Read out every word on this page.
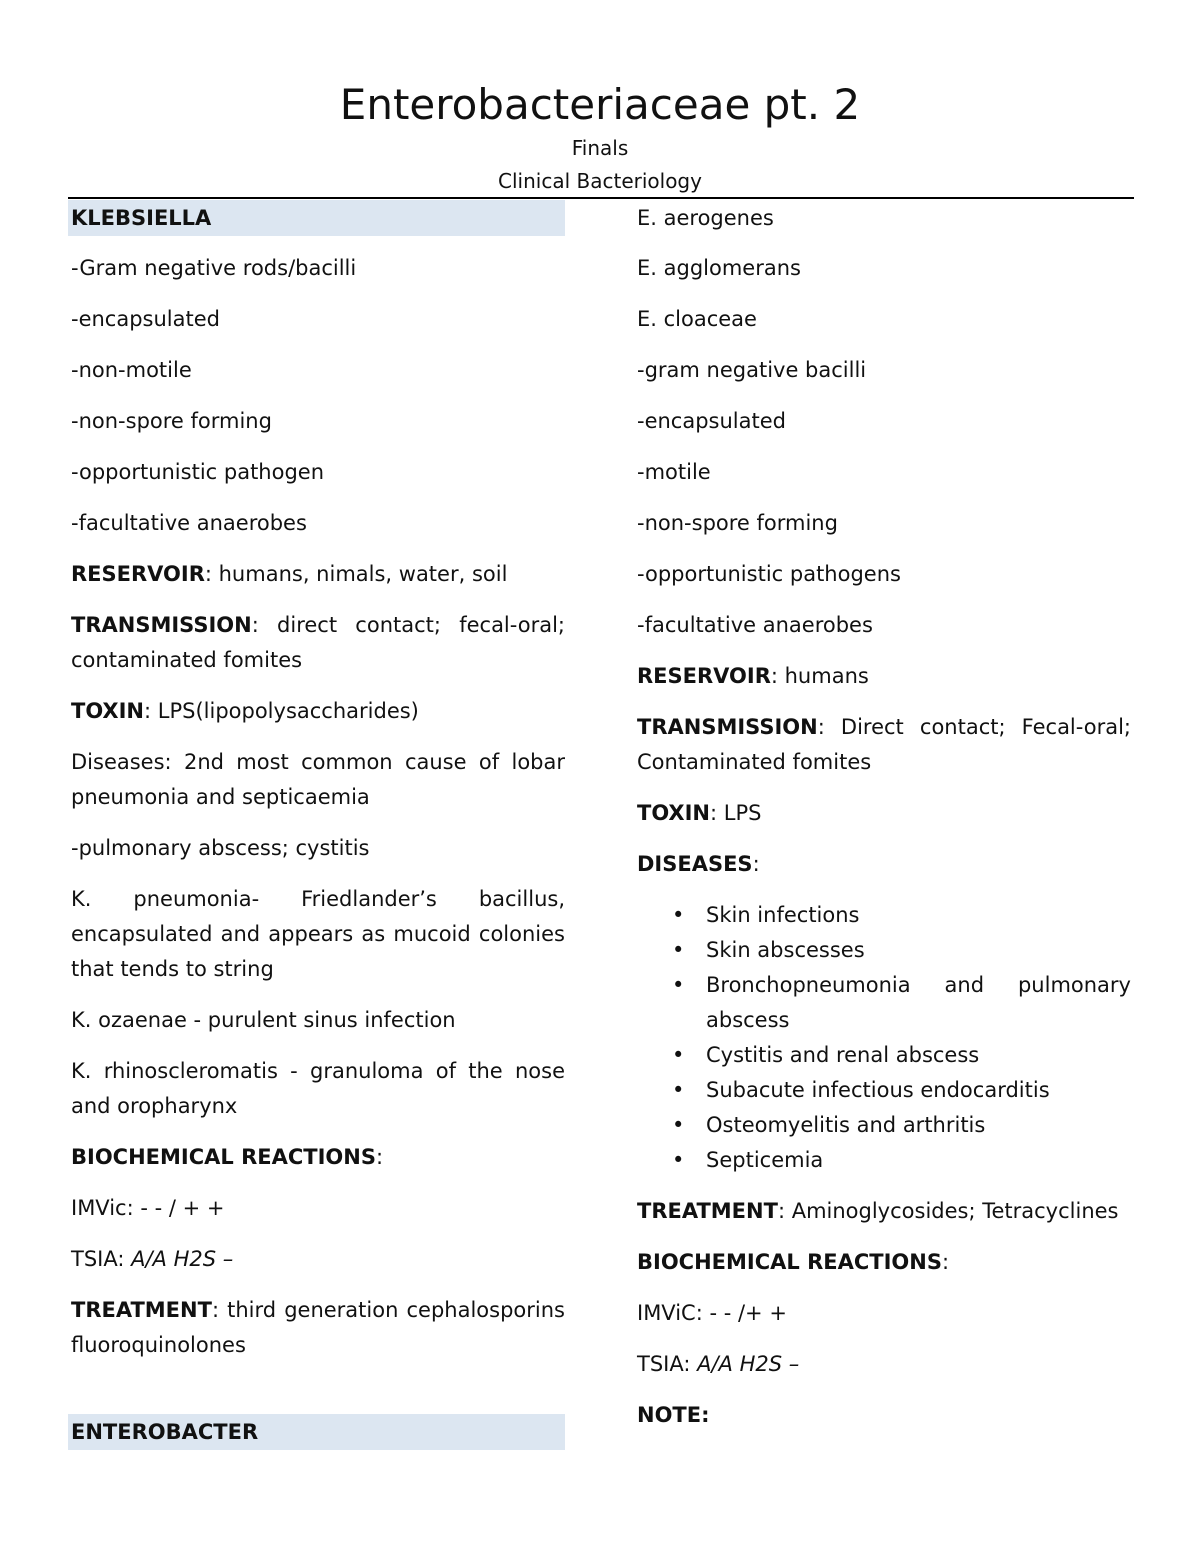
Enterobacteriaceae pt. 2
Finals
Clinical Bacteriology
KLEBSIELLA

-Gram negative rods/bacilli

-encapsulated

-non-motile

-non-spore forming

-opportunistic pathogen

-facultative anaerobes

RESERVOIR: humans, nimals, water, soil

TRANSMISSION: direct contact; fecal-oral; contaminated fomites

TOXIN: LPS(lipopolysaccharides)

Diseases: 2nd most common cause of lobar pneumonia and septicaemia

-pulmonary abscess; cystitis

K. pneumonia- Friedlander’s bacillus, encapsulated and appears as mucoid colonies that tends to string

K. ozaenae - purulent sinus infection

K. rhinoscleromatis - granuloma of the nose and oropharynx

BIOCHEMICAL REACTIONS:

IMVic: - - / + +

TSIA: A/A H2S –

TREATMENT: third generation cephalosporins fluoroquinolones

ENTEROBACTER

E. aerogenes

E. agglomerans

E. cloaceae

-gram negative bacilli

-encapsulated

-motile

-non-spore forming

-opportunistic pathogens

-facultative anaerobes

RESERVOIR: humans

TRANSMISSION: Direct contact; Fecal-oral; Contaminated fomites

TOXIN: LPS

DISEASES:

• Skin infections
• Skin abscesses
• Bronchopneumonia and pulmonary abscess
• Cystitis and renal abscess
• Subacute infectious endocarditis
• Osteomyelitis and arthritis
• Septicemia

TREATMENT: Aminoglycosides; Tetracyclines

BIOCHEMICAL REACTIONS:

IMViC: - - /+ +

TSIA: A/A H2S –

NOTE:
